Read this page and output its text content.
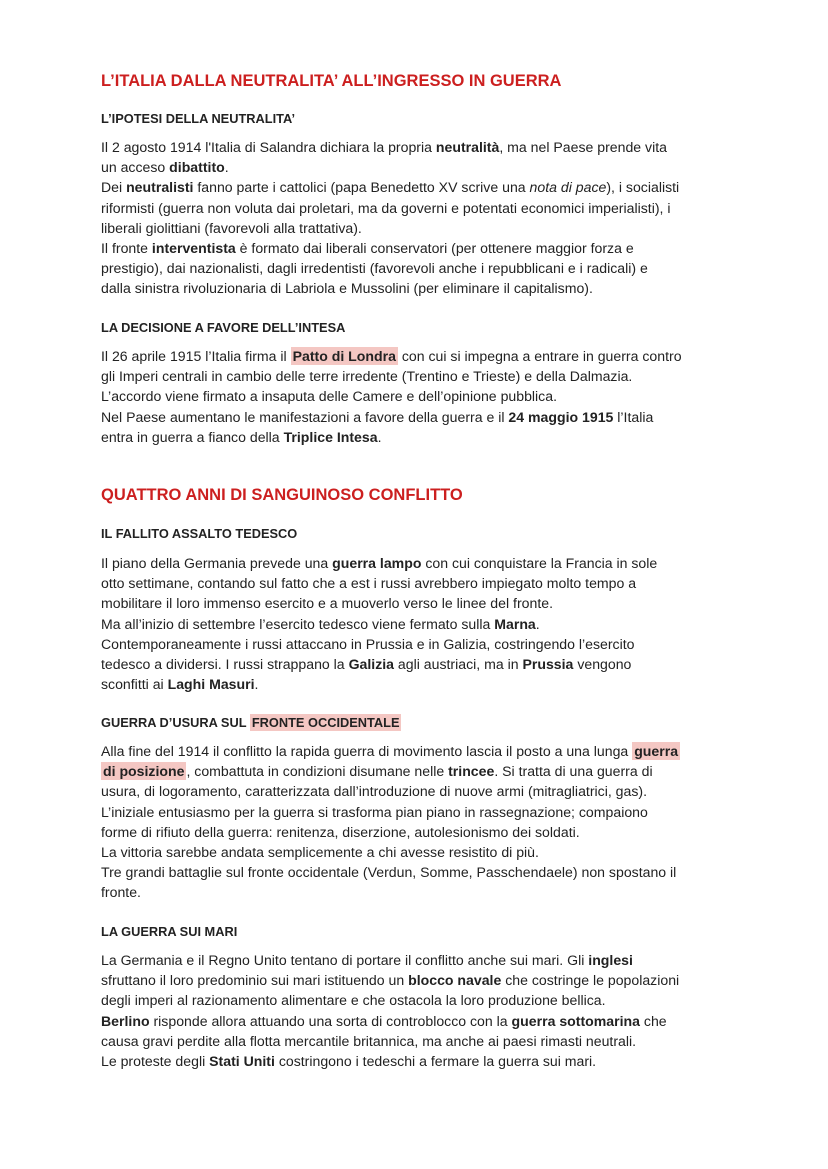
L’ITALIA DALLA NEUTRALITA’ ALL’INGRESSO IN GUERRA
L’IPOTESI DELLA NEUTRALITA’

Il 2 agosto 1914 l'Italia di Salandra dichiara la propria neutralità, ma nel Paese prende vita

un acceso dibattito.

Dei neutralisti fanno parte i cattolici (papa Benedetto XV scrive una nota di pace), i socialisti

riformisti (guerra non voluta dai proletari, ma da governi e potentati economici imperialisti), i

liberali giolittiani (favorevoli alla trattativa).

Il fronte interventista è formato dai liberali conservatori (per ottenere maggior forza e

prestigio), dai nazionalisti, dagli irredentisti (favorevoli anche i repubblicani e i radicali) e

dalla sinistra rivoluzionaria di Labriola e Mussolini (per eliminare il capitalismo).

LA DECISIONE A FAVORE DELL’INTESA

Il 26 aprile 1915 l’Italia firma il Patto di Londra con cui si impegna a entrare in guerra contro

gli Imperi centrali in cambio delle terre irredente (Trentino e Trieste) e della Dalmazia.

L’accordo viene firmato a insaputa delle Camere e dell’opinione pubblica.

Nel Paese aumentano le manifestazioni a favore della guerra e il 24 maggio 1915 l’Italia

entra in guerra a fianco della Triplice Intesa.

QUATTRO ANNI DI SANGUINOSO CONFLITTO
IL FALLITO ASSALTO TEDESCO

Il piano della Germania prevede una guerra lampo con cui conquistare la Francia in sole

otto settimane, contando sul fatto che a est i russi avrebbero impiegato molto tempo a

mobilitare il loro immenso esercito e a muoverlo verso le linee del fronte.

Ma all’inizio di settembre l’esercito tedesco viene fermato sulla Marna.

Contemporaneamente i russi attaccano in Prussia e in Galizia, costringendo l’esercito

tedesco a dividersi. I russi strappano la Galizia agli austriaci, ma in Prussia vengono

sconfitti ai Laghi Masuri.

GUERRA D’USURA SUL FRONTE OCCIDENTALE

Alla fine del 1914 il conflitto la rapida guerra di movimento lascia il posto a una lunga guerra

di posizione , combattuta in condizioni disumane nelle trincee. Si tratta di una guerra di

usura, di logoramento, caratterizzata dall’introduzione di nuove armi (mitragliatrici, gas).

L’iniziale entusiasmo per la guerra si trasforma pian piano in rassegnazione; compaiono

forme di rifiuto della guerra: renitenza, diserzione, autolesionismo dei soldati.

La vittoria sarebbe andata semplicemente a chi avesse resistito di più.

Tre grandi battaglie sul fronte occidentale (Verdun, Somme, Passchendaele) non spostano il

fronte.

LA GUERRA SUI MARI

La Germania e il Regno Unito tentano di portare il conflitto anche sui mari. Gli inglesi

sfruttano il loro predominio sui mari istituendo un blocco navale che costringe le popolazioni

degli imperi al razionamento alimentare e che ostacola la loro produzione bellica.

Berlino risponde allora attuando una sorta di controblocco con la guerra sottomarina che

causa gravi perdite alla flotta mercantile britannica, ma anche ai paesi rimasti neutrali.

Le proteste degli Stati Uniti costringono i tedeschi a fermare la guerra sui mari.
